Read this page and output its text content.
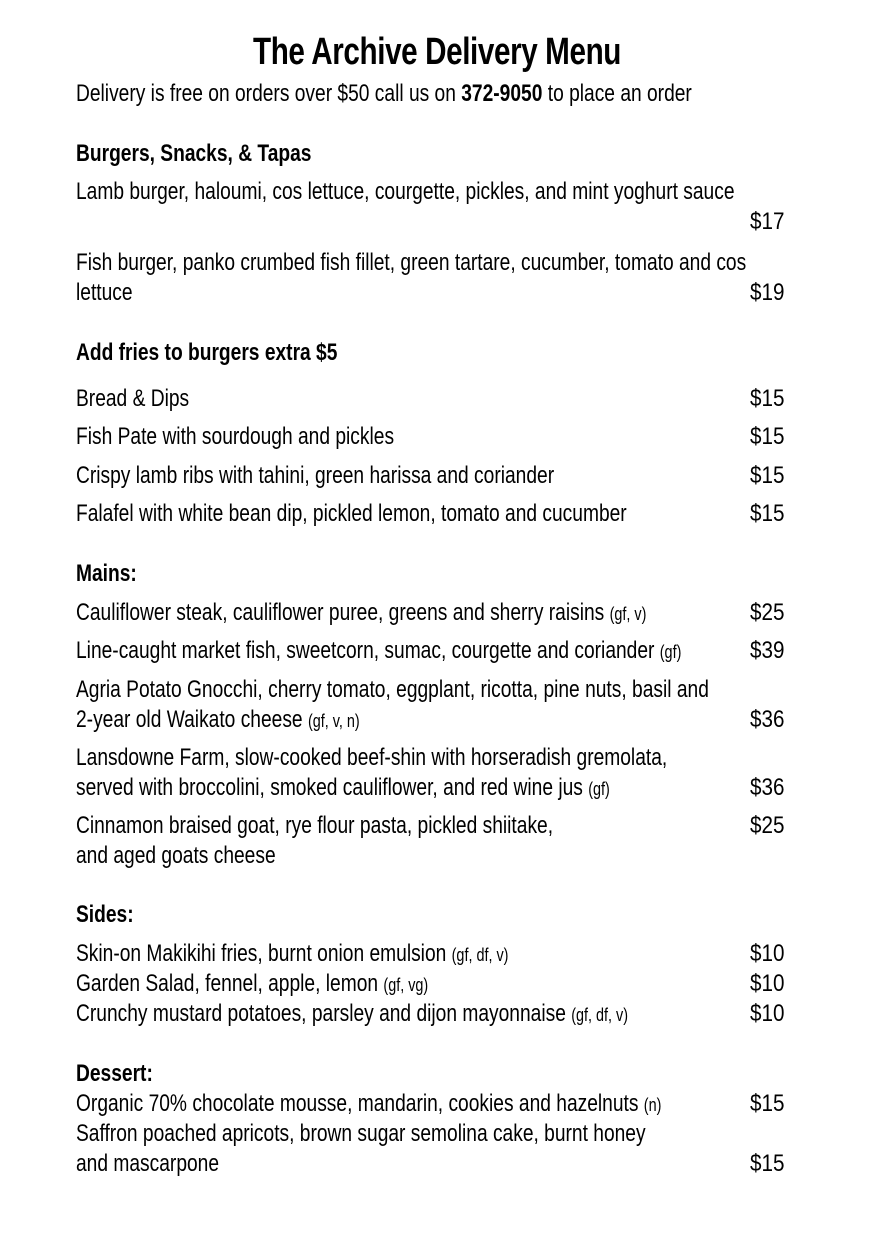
The Archive Delivery Menu
Delivery is free on orders over $50 call us on 372-9050 to place an order
Burgers, Snacks, & Tapas
Lamb burger, haloumi, cos lettuce, courgette, pickles, and mint yoghurt sauce
$17
Fish burger, panko crumbed fish fillet, green tartare, cucumber, tomato and cos
lettuce	$19
Add fries to burgers extra $5
Bread & Dips	$15
Fish Pate with sourdough and pickles	$15
Crispy lamb ribs with tahini, green harissa and coriander	$15
Falafel with white bean dip, pickled lemon, tomato and cucumber	$15
Mains:
Cauliflower steak, cauliflower puree, greens and sherry raisins (gf, v)	$25
Line-caught market fish, sweetcorn, sumac, courgette and coriander (gf)	$39
Agria Potato Gnocchi, cherry tomato, eggplant, ricotta, pine nuts, basil and
2-year old Waikato cheese (gf, v, n)	$36
Lansdowne Farm, slow-cooked beef-shin with horseradish gremolata,
served with broccolini, smoked cauliflower, and red wine jus (gf)	$36
Cinnamon braised goat, rye flour pasta, pickled shiitake,	$25
and aged goats cheese
Sides:
Skin-on Makikihi fries, burnt onion emulsion (gf, df, v)	$10
Garden Salad, fennel, apple, lemon (gf, vg)	$10
Crunchy mustard potatoes, parsley and dijon mayonnaise (gf, df, v)	$10
Dessert:
Organic 70% chocolate mousse, mandarin, cookies and hazelnuts (n)	$15
Saffron poached apricots, brown sugar semolina cake, burnt honey
and mascarpone	$15
